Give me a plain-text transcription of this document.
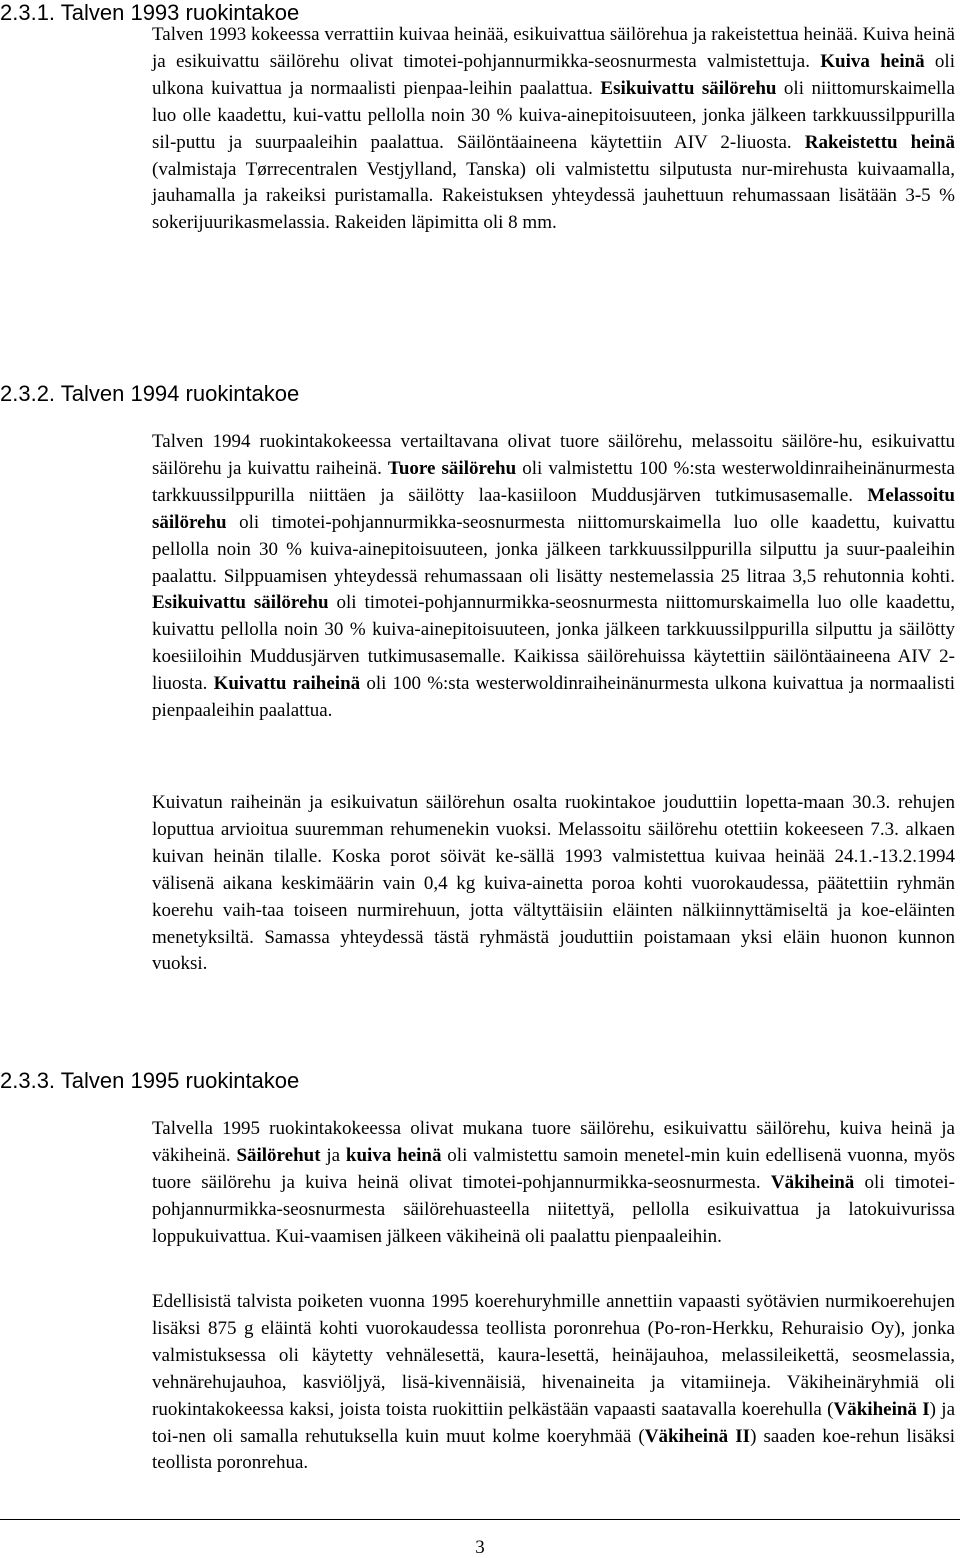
2.3.1. Talven 1993 ruokintakoe

Talven 1993 kokeessa verrattiin kuivaa heinää, esikuivattua säilörehua ja rakeistettua heinää. Kuiva heinä ja esikuivattu säilörehu olivat timotei-pohjannurmikka-seosnurmesta valmistettuja. Kuiva heinä oli ulkona kuivattua ja normaalisti pienpaa-leihin paalattua. Esikuivattu säilörehu oli niittomurskaimella luo olle kaadettu, kui-vattu pellolla noin 30 % kuiva-ainepitoisuuteen, jonka jälkeen tarkkuussilppurilla sil-puttu ja suurpaaleihin paalattua. Säilöntäaineena käytettiin AIV 2-liuosta. Rakeistettu heinä (valmistaja Tørrecentralen Vestjylland, Tanska) oli valmistettu silputusta nur-mirehusta kuivaamalla, jauhamalla ja rakeiksi puristamalla. Rakeistuksen yhteydessä jauhettuun rehumassaan lisätään 3-5 % sokerijuurikasmelassia. Rakeiden läpimitta oli 8 mm.

2.3.2. Talven 1994 ruokintakoe

Talven 1994 ruokintakokeessa vertailtavana olivat tuore säilörehu, melassoitu säilöre-hu, esikuivattu säilörehu ja kuivattu raiheinä. Tuore säilörehu oli valmistettu 100 %:sta westerwoldinraiheinänurmesta tarkkuussilppurilla niittäen ja säilötty laa-kasiiloon Muddusjärven tutkimusasemalle. Melassoitu säilörehu oli timotei-pohjannurmikka-seosnurmesta niittomurskaimella luo olle kaadettu, kuivattu pellolla noin 30 % kuiva-ainepitoisuuteen, jonka jälkeen tarkkuussilppurilla silputtu ja suur-paaleihin paalattu. Silppuamisen yhteydessä rehumassaan oli lisätty nestemelassia 25 litraa 3,5 rehutonnia kohti. Esikuivattu säilörehu oli timotei-pohjannurmikka-seosnurmesta niittomurskaimella luo olle kaadettu, kuivattu pellolla noin 30 % kuiva-ainepitoisuuteen, jonka jälkeen tarkkuussilppurilla silputtu ja säilötty koesiiloihin Muddusjärven tutkimusasemalle. Kaikissa säilörehuissa käytettiin säilöntäaineena AIV 2-liuosta. Kuivattu raiheinä oli 100 %:sta westerwoldinraiheinänurmesta ulkona kuivattua ja normaalisti pienpaaleihin paalattua.

Kuivatun raiheinän ja esikuivatun säilörehun osalta ruokintakoe jouduttiin lopetta-maan 30.3. rehujen loputtua arvioitua suuremman rehumenekin vuoksi. Melassoitu säilörehu otettiin kokeeseen 7.3. alkaen kuivan heinän tilalle. Koska porot söivät ke-sällä 1993 valmistettua kuivaa heinää 24.1.-13.2.1994 välisenä aikana keskimäärin vain 0,4 kg kuiva-ainetta poroa kohti vuorokaudessa, päätettiin ryhmän koerehu vaih-taa toiseen nurmirehuun, jotta vältyttäisiin eläinten nälkiinnyttämiseltä ja koe-eläinten menetyksiltä. Samassa yhteydessä tästä ryhmästä jouduttiin poistamaan yksi eläin huonon kunnon vuoksi.

2.3.3. Talven 1995 ruokintakoe

Talvella 1995 ruokintakokeessa olivat mukana tuore säilörehu, esikuivattu säilörehu, kuiva heinä ja väkiheinä. Säilörehut ja kuiva heinä oli valmistettu samoin menetel-min kuin edellisenä vuonna, myös tuore säilörehu ja kuiva heinä olivat timotei-pohjannurmikka-seosnurmesta. Väkiheinä oli timotei-pohjannurmikka-seosnurmesta säilörehuasteella niitettyä, pellolla esikuivattua ja latokuivurissa loppukuivattua. Kui-vaamisen jälkeen väkiheinä oli paalattu pienpaaleihin.

Edellisistä talvista poiketen vuonna 1995 koerehuryhmille annettiin vapaasti syötävien nurmikoerehujen lisäksi 875 g eläintä kohti vuorokaudessa teollista poronrehua (Po-ron-Herkku, Rehuraisio Oy), jonka valmistuksessa oli käytetty vehnälesettä, kaura-lesettä, heinäjauhoa, melassileikettä, seosmelassia, vehnärehujauhoa, kasviöljyä, lisä-kivennäisiä, hivenaineita ja vitamiineja. Väkiheinäryhmiä oli ruokintakokeessa kaksi, joista toista ruokittiin pelkästään vapaasti saatavalla koerehulla (Väkiheinä I) ja toi-nen oli samalla rehutuksella kuin muut kolme koeryhmää (Väkiheinä II) saaden koe-rehun lisäksi teollista poronrehua.

3
